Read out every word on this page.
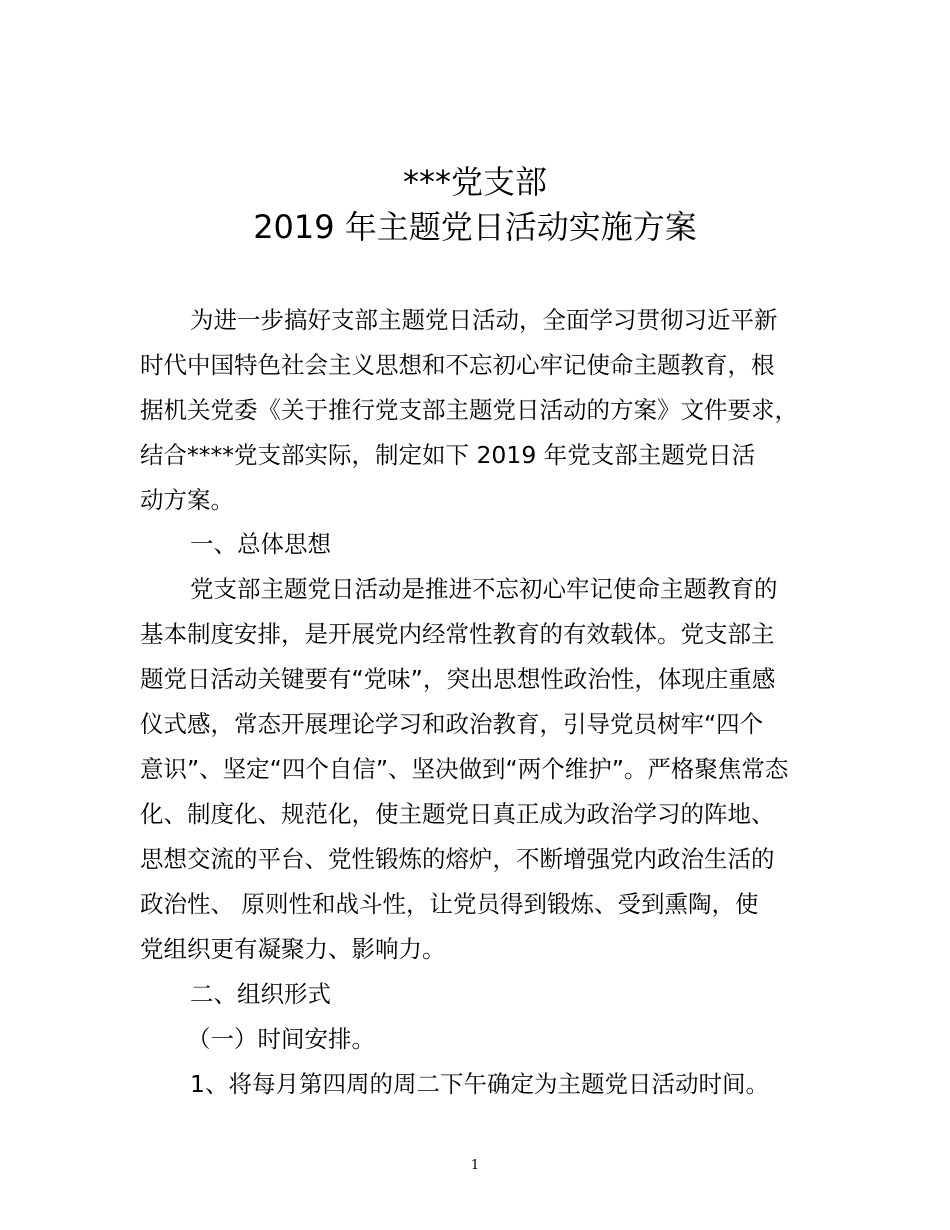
***党支部
2019 年主题党日活动实施方案
为进一步搞好支部主题党日活动，全面学习贯彻习近平新
时代中国特色社会主义思想和不忘初心牢记使命主题教育，根
据机关党委《关于推行党支部主题党日活动的方案》文件要求，
结合****党支部实际，制定如下 2019 年党支部主题党日活
动方案。
一、总体思想
党支部主题党日活动是推进不忘初心牢记使命主题教育的
基本制度安排，是开展党内经常性教育的有效载体。党支部主
题党日活动关键要有“党味”，突出思想性政治性，体现庄重感
仪式感，常态开展理论学习和政治教育，引导党员树牢“四个
意识”、坚定“四个自信”、坚决做到“两个维护”。严格聚焦常态
化、制度化、规范化，使主题党日真正成为政治学习的阵地、
思想交流的平台、党性锻炼的熔炉，不断增强党内政治生活的
政治性、 原则性和战斗性，让党员得到锻炼、受到熏陶，使
党组织更有凝聚力、影响力。
二、组织形式
（一）时间安排。
1、将每月第四周的周二下午确定为主题党日活动时间。
1
